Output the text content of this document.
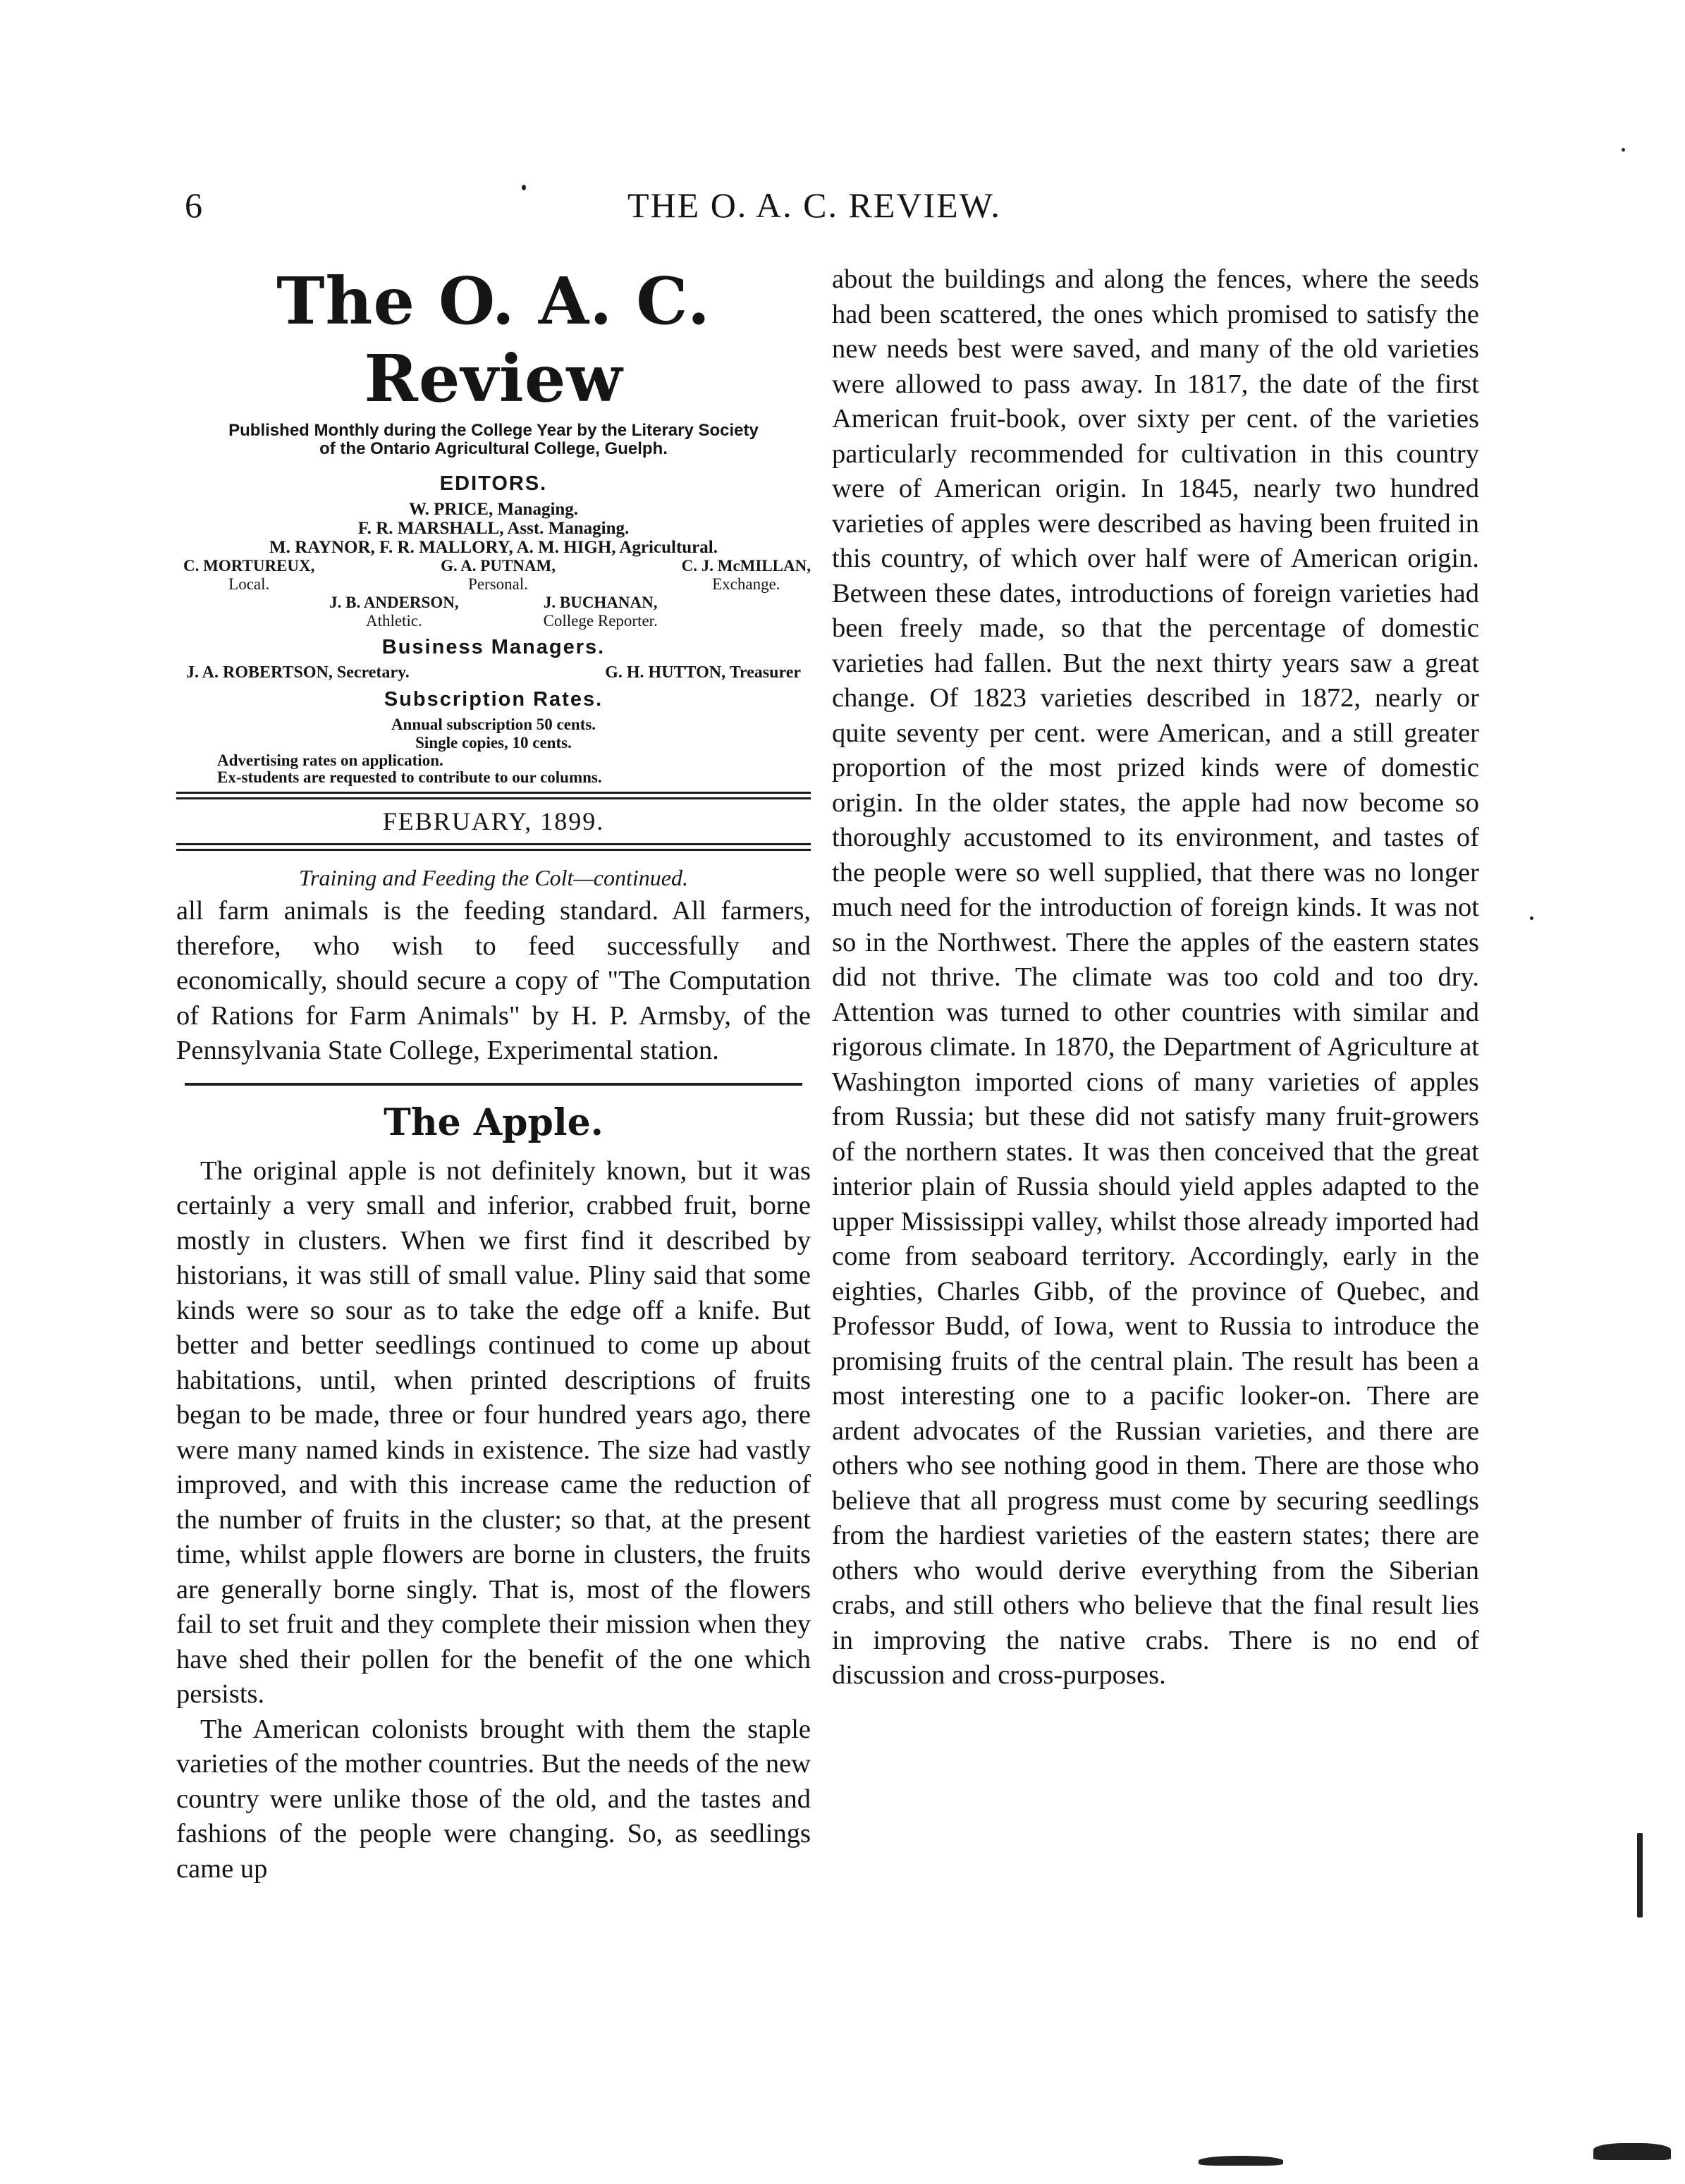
6	THE O. A. C. REVIEW.
The O. A. C. Review
Published Monthly during the College Year by the Literary Society
of the Ontario Agricultural College, Guelph.
EDITORS.
W. PRICE, Managing.
F. R. MARSHALL, Asst. Managing.
M. RAYNOR, F. R. MALLORY, A. M. HIGH, Agricultural.
C. MORTUREUX,
Local.
G. A. PUTNAM,
Personal.
C. J. McMILLAN,
Exchange.
J. B. ANDERSON,
Athletic.
J. BUCHANAN,
College Reporter.
Business Managers.
J. A. ROBERTSON, Secretary.	G. H. HUTTON, Treasurer
Subscription Rates.
Annual subscription 50 cents.
Single copies, 10 cents.
Advertising rates on application.
Ex-students are requested to contribute to our columns.
FEBRUARY, 1899.
Training and Feeding the Colt—continued.

all farm animals is the feeding standard. All farmers, therefore, who wish to feed successfully and economically, should secure a copy of "The Computation of Rations for Farm Animals" by H. P. Armsby, of the Pennsylvania State College, Experimental station.

The Apple.

The original apple is not definitely known, but it was certainly a very small and inferior, crabbed fruit, borne mostly in clusters. When we first find it described by historians, it was still of small value. Pliny said that some kinds were so sour as to take the edge off a knife. But better and better seedlings continued to come up about habitations, until, when printed descriptions of fruits began to be made, three or four hundred years ago, there were many named kinds in existence. The size had vastly improved, and with this increase came the reduction of the number of fruits in the cluster; so that, at the present time, whilst apple flowers are borne in clusters, the fruits are generally borne singly. That is, most of the flowers fail to set fruit and they complete their mission when they have shed their pollen for the benefit of the one which persists.

The American colonists brought with them the staple varieties of the mother countries. But the needs of the new country were unlike those of the old, and the tastes and fashions of the people were changing. So, as seedlings came up

about the buildings and along the fences, where the seeds had been scattered, the ones which promised to satisfy the new needs best were saved, and many of the old varieties were allowed to pass away. In 1817, the date of the first American fruit-book, over sixty per cent. of the varieties particularly recommended for cultivation in this country were of American origin. In 1845, nearly two hundred varieties of apples were described as having been fruited in this country, of which over half were of American origin. Between these dates, introductions of foreign varieties had been freely made, so that the percentage of domestic varieties had fallen. But the next thirty years saw a great change. Of 1823 varieties described in 1872, nearly or quite seventy per cent. were American, and a still greater proportion of the most prized kinds were of domestic origin. In the older states, the apple had now become so thoroughly accustomed to its environment, and tastes of the people were so well supplied, that there was no longer much need for the introduction of foreign kinds. It was not so in the Northwest. There the apples of the eastern states did not thrive. The climate was too cold and too dry. Attention was turned to other countries with similar and rigorous climate. In 1870, the Department of Agriculture at Washington imported cions of many varieties of apples from Russia; but these did not satisfy many fruit-growers of the northern states. It was then conceived that the great interior plain of Russia should yield apples adapted to the upper Mississippi valley, whilst those already imported had come from seaboard territory. Accordingly, early in the eighties, Charles Gibb, of the province of Quebec, and Professor Budd, of Iowa, went to Russia to introduce the promising fruits of the central plain. The result has been a most interesting one to a pacific looker-on. There are ardent advocates of the Russian varieties, and there are others who see nothing good in them. There are those who believe that all progress must come by securing seedlings from the hardiest varieties of the eastern states; there are others who would derive everything from the Siberian crabs, and still others who believe that the final result lies in improving the native crabs. There is no end of discussion and cross-purposes.
